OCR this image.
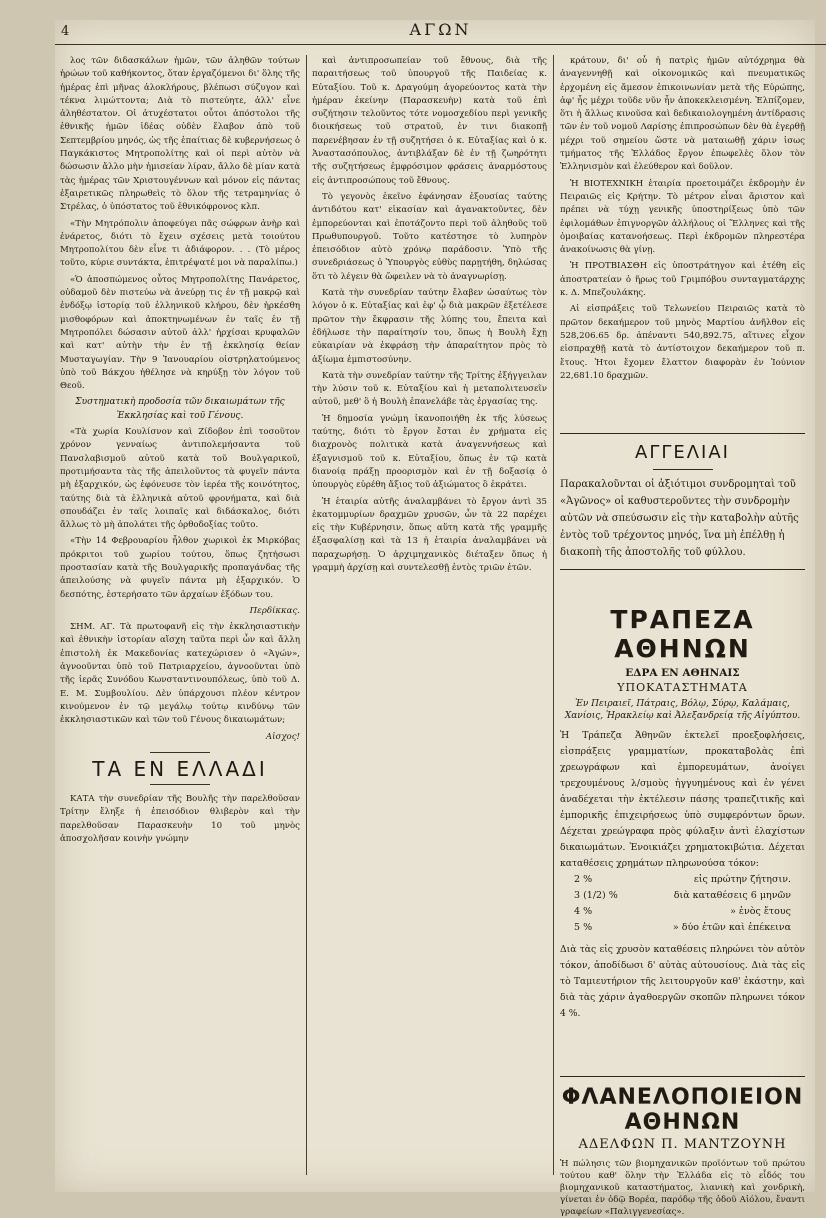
4	ΑΓΩΝ

λος τῶν διδασκάλων ἡμῶν, τῶν ἀληθῶν τούτων ἡρώων τοῦ καθήκοντος, ὅταν ἐργαζόμενοι δι' ὅλης τῆς ἡμέρας ἐπὶ μῆνας ἀλοκλήρους, βλέπωσι σύζυγον καὶ τέκνα λιμώττοντα; Διὰ τὸ πιστεύητε, ἀλλ' εἶνε ἀληθέστατον. Οἱ ἀτυχέστατοι οὗτοι ἀπόστολοι τῆς ἐθνικῆς ἡμῶν ἰδέας οὐδὲν ἔλαβον ἀπὸ τοῦ Σεπτεμβρίου μηνός, ὡς τῆς ἐπαίτιας δὲ κυβερνήσεως ὁ Παγκάκιστος Μητροπολίτης καὶ οἱ περὶ αὐτὸν νὰ δώσωσιν ἄλλο μὴν ἡμισείαν λίραν, ἄλλο δὲ μίαν κατὰ τὰς ἡμέρας τῶν Χριστουγέννων καὶ μόνον εἰς πάντας ἐξαιρετικῶς πληρωθεὶς τὸ ὅλον τῆς τετραμηνίας ὁ Στρέλας, ὁ ὑπόστατος τοῦ ἐθνικόφρονος κλπ.

«Τὴν Μητρόπολιν ἀποφεύγει πᾶς σώφρων ἀνὴρ καὶ ἐνάρετος, διότι τὸ ἔχειν σχέσεις μετὰ τοιούτου Μητροπολίτου δὲν εἶνε τι ἀδιάφορον. . . (Τὸ μέρος τοῦτο, κύριε συντάκτα, ἐπιτρέψατέ μοι νὰ παραλίπω.)

«Ὁ ἀποσπώμενος οὗτος Μητροπολίτης Πανάρετος, οὐδαμοῦ δὲν πιστεύω νὰ ἀνεύρῃ τις ἐν τῇ μακρῷ καὶ ἐνδόξῳ ἱστορίᾳ τοῦ ἑλληνικοῦ κλήρου, δὲν ἠρκέσθη μισθοφόρων καὶ ἀποκτηνωμένων ἐν ταῖς ἐν τῇ Μητροπόλει δώσασιν αὐτοῦ ἀλλ' ἠρχίσαι κρυφαλῶν καὶ κατ' αὐτὴν τὴν ἐν τῇ ἐκκλησίᾳ θείαν Μυσταγωγίαν. Τὴν 9 Ἰανουαρίου οἰστρηλατούμενος ὑπὸ τοῦ Βάκχου ἠθέλησε νὰ κηρύξῃ τὸν λόγον τοῦ Θεοῦ.

Συστηματικὴ προδοσία τῶν δικαιωμάτων τῆς Ἐκκλησίας καὶ τοῦ Γένους.

«Τὰ χωρία Κουλίσνον καὶ Ζίδοβον ἐπὶ τοσοῦτον χρόνον γενναίως ἀντιπολεμήσαντα τοῦ Πανσλαβισμοῦ αὐτοῦ κατὰ τοῦ Βουλγαρικοῦ, προτιμήσαντα τὰς τῆς ἀπειλοῦντος τὰ φυγεῖν πάντα μὴ ἐξαρχικόν, ὡς ἐφόνευσε τὸν ἱερέα τῆς κοινότητος, ταύτης διὰ τὰ ἑλληνικὰ αὐτοῦ φρονήματα, καὶ διὰ σπουδάζει ἐν ταῖς λοιπαῖς καὶ διδάσκαλος, διότι ἄλλως τὸ μὴ ἀπολάτει τῆς ὀρθοδοξίας τοῦτο.

«Τὴν 14 Φεβρουαρίου ἦλθον χωρικοὶ ἐκ Μιρκόβας πρόκριτοι τοῦ χωρίου τούτου, ὅπως ζητήσωσι προστασίαν κατὰ τῆς Βουλγαρικῆς προπαγάνδας τῆς ἀπειλούσης νὰ φυγεῖν πάντα μὴ ἐξαρχικόν. Ὁ δεσπότης, ἐστερήσατο τῶν ἀρχαίων ἐξόδων του.

Περδίκκας.

ΣΗΜ. ΑΓ. Τὰ πρωτοφανῆ εἰς τὴν ἐκκλησιαστικὴν καὶ ἐθνικὴν ἱστορίαν αἴσχη ταῦτα περὶ ὧν καὶ ἄλλη ἐπιστολὴ ἐκ Μακεδονίας κατεχώρισεν ὁ «Ἀγών», ἀγνοοῦνται ὑπὸ τοῦ Πατριαρχείου, ἀγνοοῦνται ὑπὸ τῆς ἱερᾶς Συνόδου Κωνσταντινουπόλεως, ὑπὸ τοῦ Δ. Ε. Μ. Συμβουλίου. Δὲν ὑπάρχουσι πλέον κέντρον κινούμενον ἐν τῷ μεγάλῳ τούτῳ κινδύνῳ τῶν ἐκκλησιαστικῶν καὶ τῶν τοῦ Γένους δικαιωμάτων;

Αἰσχος!

ΤΑ ΕΝ ΕΛΛΑΔΙ

ΚΑΤΑ τὴν συνεδρίαν τῆς Βουλῆς τὴν παρελθοῦσαν Τρίτην ἔληξε ἡ ἐπεισόδιον θλιβερὸν καὶ τὴν παρελθοῦσαν Παρασκευὴν 10 τοῦ μηνὸς ἀποσχολῆσαν κοινὴν γνώμην

καὶ ἀντιπροσωπείαν τοῦ ἔθνους, διὰ τῆς παραιτήσεως τοῦ ὑπουργοῦ τῆς Παιδείας κ. Εὐταξίου. Τοῦ κ. Δραγούμη ἀγορεύοντος κατὰ τὴν ἡμέραν ἐκείνην (Παρασκευὴν) κατὰ τοῦ ἐπὶ συζήτησιν τελοῦντος τότε νομοσχεδίου περὶ γενικῆς διοικήσεως τοῦ στρατοῦ, ἐν τινι διακοπῇ παρενέβησαν ἐν τῇ συζητήσει ὁ κ. Εὐταξίας καὶ ὁ κ. Ἀναστασόπουλος, ἀντιβλάξαν δὲ ἐν τῇ ζωηρότητι τῆς συζητήσεως ἐμφρόσιμον φράσεις ἀναρμόστους εἰς ἀντιπροσώπους τοῦ ἔθνους.

Τὸ γεγονὸς ἐκεῖνο ἐφάνησαν ἐξουσίας ταύτης ἀντιδότου κατ' εἰκασίαν καὶ ἀγανακτοῦντες, δὲν ἐμπορεύονται καὶ ἐποτάζοντο περὶ τοῦ ἀληθοῦς τοῦ Πρωθυπουργοῦ. Τοῦτο κατέστησε τὸ λυπηρὸν ἐπεισόδιον αὐτὸ χρόνῳ παράδοσιν. Ὑπὸ τῆς συνεδριάσεως ὁ Ὑπουργὸς εὐθὺς παρῃτήθη, δηλώσας ὅτι τὸ λέγειν θὰ ὤφειλεν νὰ τὸ ἀναγνωρίσῃ.

Κατὰ τὴν συνεδρίαν ταύτην ἔλαβεν ὡσαύτως τὸν λόγον ὁ κ. Εὐταξίας καὶ ἐφ' ᾧ διὰ μακρῶν ἐξετέλεσε πρῶτον τὴν ἔκφρασιν τῆς λύπης του, ἔπειτα καὶ ἐδήλωσε τὴν παραίτησίν του, ὅπως ἡ Βουλὴ ἔχῃ εὐκαιρίαν νὰ ἐκφράσῃ τὴν ἀπαραίτητον πρὸς τὸ ἀξίωμα ἐμπιστοσύνην.

Κατὰ τὴν συνεδρίαν ταύτην τῆς Τρίτης ἐξήγγειλαν τὴν λύσιν τοῦ κ. Εὐταξίου καὶ ἡ μεταπολιτευσεῖν αὐτοῦ, μεθ' ὃ ἡ Βουλὴ ἐπανελάβε τὰς ἐργασίας της.

Ἡ δημοσία γνώμη ἱκανοποιήθη ἐκ τῆς λύσεως ταύτης, διότι τὸ ἔργον ἔσται ἐν χρήματα εἰς διαχρονὸς πολιτικὰ κατὰ ἀναγεννήσεως καὶ ἐξαγνισμοῦ τοῦ κ. Εὐταξίου, ὅπως ἐν τῷ κατὰ διανοίᾳ πράξῃ προορισμὸν καὶ ἐν τῇ δοξασίᾳ ὁ ὑπουργὸς εὑρέθη ἄξιος τοῦ ἀξιώματος ὃ ἐκράτει.

Ἡ ἑταιρία αὐτῆς ἀναλαμβάνει τὸ ἔργον ἀντὶ 35 ἑκατομμυρίων δραχμῶν χρυσῶν, ὧν τὰ 22 παρέχει εἰς τὴν Κυβέρνησιν, ὅπως αὕτη κατὰ τῆς γραμμῆς ἐξασφαλίσῃ καὶ τὰ 13 ἡ ἑταιρία ἀναλαμβάνει νὰ παραχωρήσῃ. Ὁ ἀρχιμηχανικὸς διέταξεν ὅπως ἡ γραμμὴ ἀρχίσῃ καὶ συντελεσθῇ ἐντὸς τριῶν ἐτῶν.

κράτουν, δι' οὗ ἡ πατρὶς ἡμῶν αὐτόχρημα θὰ ἀναγεννηθῇ καὶ οἰκονομικῶς καὶ πνευματικῶς ἐρχομένη εἰς ἄμεσον ἐπικοινωνίαν μετὰ τῆς Εὐρώπης, ἀφ' ἧς μέχρι τοῦδε νῦν ἦν ἀποκεκλεισμένη. Ἐλπίζομεν, ὅτι ἡ ἄλλως κινοῦσα καὶ δεδικαιολογημένη ἀντίδρασις τῶν ἐν τοῦ νομοῦ Λαρίσης ἐπιπροσώπων δὲν θὰ ἐγερθῇ μέχρι τοῦ σημείου ὥστε νὰ ματαιωθῇ χάριν ἰσως τμήματος τῆς Ἑλλάδος ἔργον ἐπωφελὲς ὅλον τὸν Ἑλληνισμὸν καὶ ἐλεύθερον καὶ δοῦλον.

Ἡ ΒΙΟΤΕΧΝΙΚΗ ἑταιρία προετοιμάζει ἐκδρομὴν ἐν Πειραιῶς εἰς Κρήτην. Τὸ μέτρον εἶναι ἄριστον καὶ πρέπει νὰ τύχῃ γενικῆς ὑποστηρίξεως ὑπὸ τῶν ἐφιλομάθων ἐπιγνοργῶν ἀλλήλους οἱ Ἕλληνες καὶ τῆς ὁμοιβαίας κατανοήσεως. Περὶ ἐκδρομῶν πληρεστέρα ἀνακοίνωσις θὰ γίνῃ.

Ἡ ΠΡΟΤΒΙΑΣΘΗ εἰς ὑποστράτηγον καὶ ἐτέθη εἰς ἀποστρατείαν ὁ ἥρως τοῦ Γριμπόβου συνταγματάρχης κ. Δ. Μπεζουλάκης.

Αἱ εἰσπράξεις τοῦ Τελωνείου Πειραιῶς κατὰ τὸ πρῶτον δεκαήμερον τοῦ μηνὸς Μαρτίου ἀνῆλθον εἰς 528,206.65 δρ. ἀπέναντι 540,892.75, αἵτινες εἶχον εἰσπραχθῇ κατὰ τὸ ἀντίστοιχον δεκαήμερον τοῦ π. ἔτους. Ἡτοι ἔχομεν ἔλαττον διαφορὰν ἐν Ἰούνιον 22,681.10 δραχμῶν.

ΑΓΓΕΛΙΑΙ
Παρακαλοῦνται οἱ ἀξιότιμοι συνδρομηταὶ τοῦ «Ἀγῶνος» οἱ καθυστεροῦντες τὴν συνδρομὴν αὐτῶν νὰ σπεύσωσιν εἰς τὴν καταβολὴν αὐτῆς ἐντὸς τοῦ τρέχοντος μηνός, ἵνα μὴ ἐπέλθῃ ἡ διακοπὴ τῆς ἀποστολῆς τοῦ φύλλου.
ΤΡΑΠΕΖΑ ΑΘΗΝΩΝ
ΕΔΡΑ ΕΝ ΑΘΗΝΑΙΣ
ΥΠΟΚΑΤΑΣΤΗΜΑΤΑ
Ἐν Πειραιεῖ, Πάτραις, Βόλῳ, Σύρῳ, Καλάμαις, Χανίοις, Ἡρακλείῳ καὶ Ἀλεξανδρείᾳ τῆς Αἰγύπτου.
Ἡ Τράπεζα Ἀθηνῶν ἐκτελεῖ προεξοφλήσεις, εἰσπράξεις γραμματίων, προκαταβολὰς ἐπὶ χρεωγράφων καὶ ἐμπορευμάτων, ἀνοίγει τρεχουμένους λ/σμοὺς ἠγγυημένους καὶ ἐν γένει ἀναδέχεται τὴν ἐκτέλεσιν πάσης τραπεζιτικῆς καὶ ἐμπορικῆς ἐπιχειρήσεως ὑπὸ συμφερόντων ὅρων. Δέχεται χρεώγραφα πρὸς φύλαξιν ἀντὶ ἐλαχίστων δικαιωμάτων. Ἐνοικιάζει χρηματοκιβώτια. Δέχεται καταθέσεις χρημάτων πληρωνούσα τόκον:
2 %	εἰς πρώτην ζήτησιν.
3 (1/2) %	διὰ καταθέσεις 6 μηνῶν
4 %	» ἑνὸς ἔτους
5 %	» δύο ἐτῶν καὶ ἐπέκεινα
Διὰ τὰς εἰς χρυσὸν καταθέσεις πληρώνει τὸν αὐτὸν τόκον, ἀποδίδωσι δ' αὐτὰς αὐτουσίους. Διὰ τὰς εἰς τὸ Ταμιευτήριον τῆς λειτουργοῦν καθ' ἑκάστην, καὶ διὰ τὰς χάριν ἀγαθοεργῶν σκοπῶν πληρωνει τόκον 4 %.
ΦΛΑΝΕΛΟΠΟΙΕΙΟΝ ΑΘΗΝΩΝ
ΑΔΕΛΦΩΝ Π. ΜΑΝΤΖΟΥΝΗ
Ἡ πώλησις τῶν βιομηχανικῶν προϊόντων τοῦ πρώτου τούτου καθ' ὅλην τὴν Ἑλλάδα εἰς τὸ εἶδός του βιομηχανικοῦ καταστήματος, λιανικὴ καὶ χονδρικὴ, γίνεται ἐν ὁδῷ Βορέα, παρόδῳ τῆς ὁδοῦ Αἰόλου, ἔναντι γραφείων «Παλιγγενεσίας».
